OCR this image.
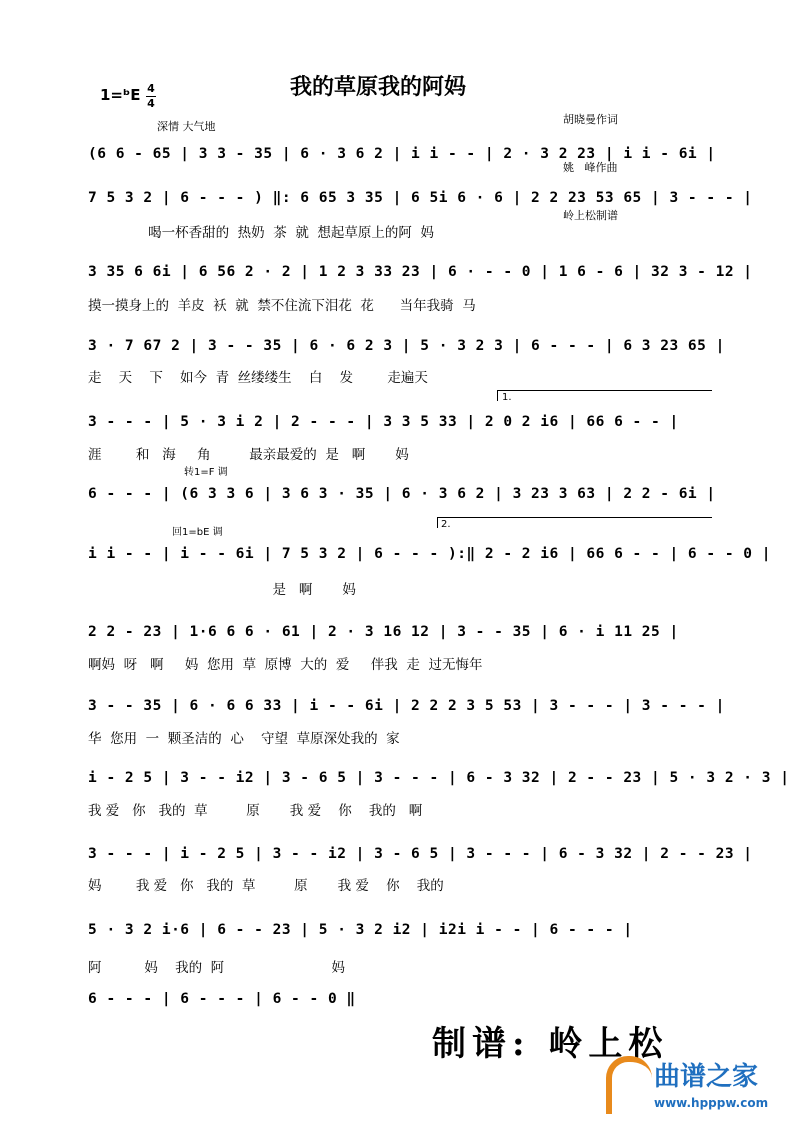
我的草原我的阿妈
1=ᵇE 4
4
深情 大气地

胡晓曼作词

姚   峰作曲

岭上松制谱

(6 6 - 65 | 3 3 - 35 | 6 · 3 6 2 | i i - - | 2 · 3 2 23 | i i - 6i |
7 5 3 2 | 6 - - - ) ‖: 6 65 3 35 | 6 5i 6 · 6 | 2 2 23 53 65 | 3 - - - |
喝一杯香甜的  热奶  茶  就  想起草原上的阿  妈
3 35 6 6i | 6 56 2 · 2 | 1 2 3 33 23 | 6 · - - 0 | 1 6 - 6 | 32 3 - 12 |
摸一摸身上的  羊皮  袄  就  禁不住流下泪花  花      当年我骑  马
3 · 7 67 2 | 3 - - 35 | 6 · 6 2 3 | 5 · 3 2 3 | 6 - - - | 6 3 23 65 |
走    天    下    如今  青  丝缕缕生    白    发        走遍天
1.
3 - - - | 5 · 3 i 2 | 2 - - - | 3 3 5 33 | 2 0 2 i6 | 66 6 - - |
涯        和   海     角         最亲最爱的  是   啊       妈
转1=F 调
6 - - - | (6 3 3 6 | 3 6 3 · 35 | 6 · 3 6 2 | 3 23 3 63 | 2 2 - 6i |
回1=bE 调
2.
i i - - | i - - 6i | 7 5 3 2 | 6 - - - ):‖ 2 - 2 i6 | 66 6 - - | 6 - - 0 |
是   啊       妈
2 2 - 23 | 1·6 6 6 · 61 | 2 · 3 16 12 | 3 - - 35 | 6 · i 11 25 |
啊妈  呀   啊     妈  您用  草  原博  大的  爱     伴我  走  过无悔年
3 - - 35 | 6 · 6 6 33 | i - - 6i | 2 2 2 3 5 53 | 3 - - - | 3 - - - |
华  您用  一  颗圣洁的  心    守望  草原深处我的  家
i - 2 5 | 3 - - i2 | 3 - 6 5 | 3 - - - | 6 - 3 32 | 2 - - 23 | 5 · 3 2 · 3 |
我 爱   你   我的  草         原       我 爱    你    我的   啊
3 - - - | i - 2 5 | 3 - - i2 | 3 - 6 5 | 3 - - - | 6 - 3 32 | 2 - - 23 |
妈        我 爱   你   我的  草         原       我 爱    你    我的
5 · 3 2 i·6 | 6 - - 23 | 5 · 3 2 i2 | i2i i - - | 6 - - - |
阿          妈    我的  阿                         妈
6 - - - | 6 - - - | 6 - - 0 ‖
制谱: 岭上松
曲谱之家
www.hpppw.com
